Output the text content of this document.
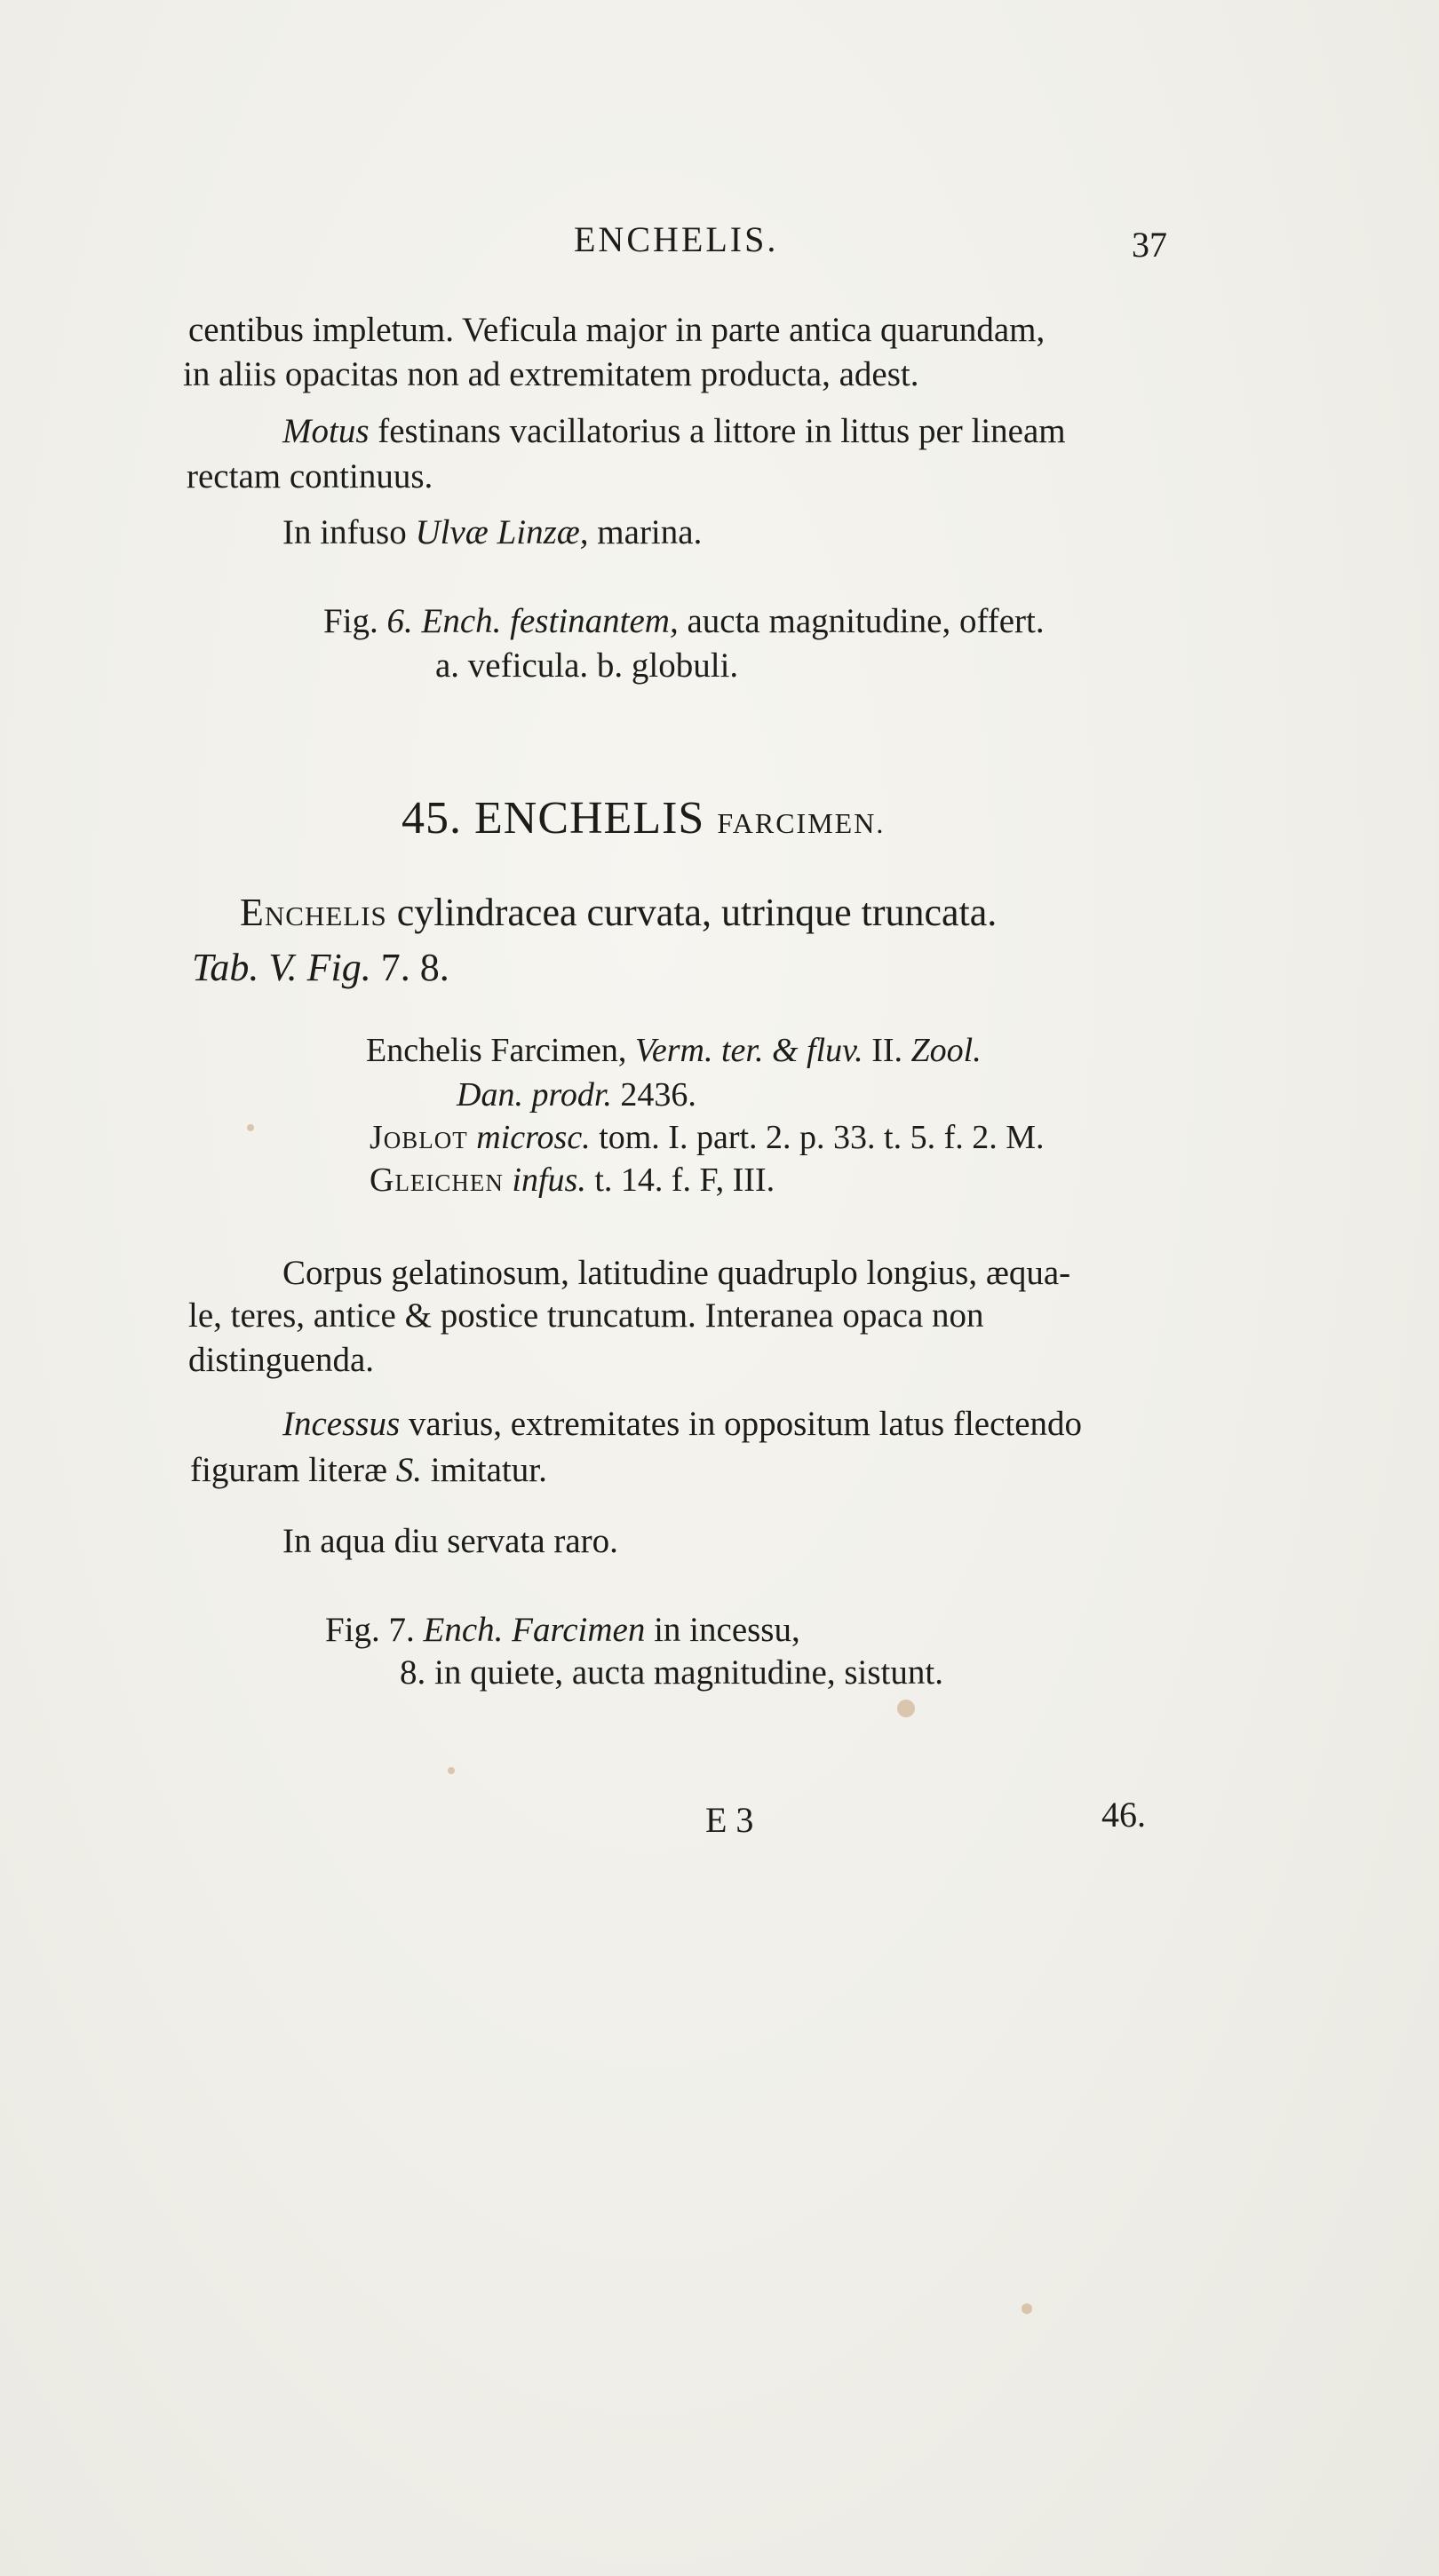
ENCHELIS.	37
centibus impletum. Veficula major in parte antica quarundam,
in aliis opacitas non ad extremitatem producta, adest.
Motus festinans vacillatorius a littore in littus per lineam
rectam continuus.
In infuso Ulvæ Linzæ, marina.
Fig. 6. Ench. festinantem, aucta magnitudine, offert.
a. veficula. b. globuli.
45. ENCHELIS FARCIMEN.
Enchelis cylindracea curvata, utrinque truncata.
Tab. V. Fig. 7. 8.
Enchelis Farcimen, Verm. ter. & fluv. II. Zool.
Dan. prodr. 2436.
Joblot microsc. tom. I. part. 2. p. 33. t. 5. f. 2. M.
Gleichen infus. t. 14. f. F, III.
Corpus gelatinosum, latitudine quadruplo longius, æqua-
le, teres, antice & postice truncatum. Interanea opaca non
distinguenda.
Incessus varius, extremitates in oppositum latus flectendo
figuram literæ S. imitatur.
In aqua diu servata raro.
Fig. 7. Ench. Farcimen in incessu,
8. in quiete, aucta magnitudine, sistunt.
E 3	46.
